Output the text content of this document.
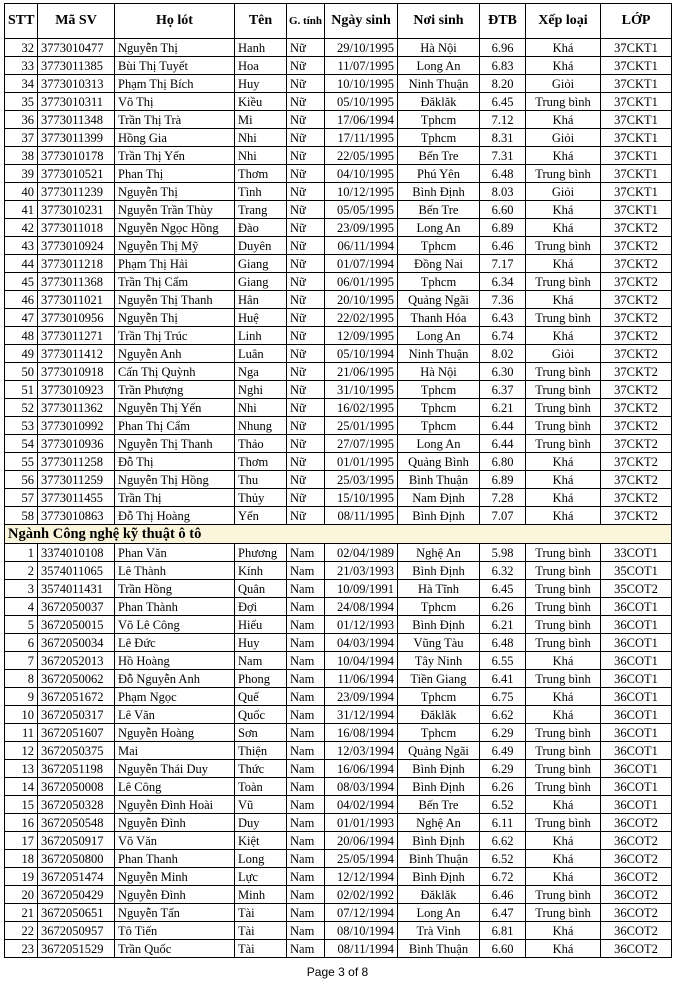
STT	Mã SV	Họ lót	Tên	G. tính	Ngày sinh	Nơi sinh	ĐTB	Xếp loại	LỚP
32	3773010477	Nguyễn Thị	Hanh	Nữ	29/10/1995	Hà Nội	6.96	Khá	37CKT1
33	3773011385	Bùi Thị Tuyết	Hoa	Nữ	11/07/1995	Long An	6.83	Khá	37CKT1
34	3773010313	Phạm Thị Bích	Huy	Nữ	10/10/1995	Ninh Thuận	8.20	Giỏi	37CKT1
35	3773010311	Võ Thị	Kiều	Nữ	05/10/1995	Đăklăk	6.45	Trung bình	37CKT1
36	3773011348	Trần Thị Trà	Mi	Nữ	17/06/1994	Tphcm	7.12	Khá	37CKT1
37	3773011399	Hồng Gia	Nhi	Nữ	17/11/1995	Tphcm	8.31	Giỏi	37CKT1
38	3773010178	Trần Thị Yến	Nhi	Nữ	22/05/1995	Bến Tre	7.31	Khá	37CKT1
39	3773010521	Phan Thị	Thơm	Nữ	04/10/1995	Phú Yên	6.48	Trung bình	37CKT1
40	3773011239	Nguyễn Thị	Tình	Nữ	10/12/1995	Bình Định	8.03	Giỏi	37CKT1
41	3773010231	Nguyễn Trần Thùy	Trang	Nữ	05/05/1995	Bến Tre	6.60	Khá	37CKT1
42	3773011018	Nguyễn Ngọc Hồng	Đào	Nữ	23/09/1995	Long An	6.89	Khá	37CKT2
43	3773010924	Nguyễn Thị Mỹ	Duyên	Nữ	06/11/1994	Tphcm	6.46	Trung bình	37CKT2
44	3773011218	Phạm Thị Hải	Giang	Nữ	01/07/1994	Đồng Nai	7.17	Khá	37CKT2
45	3773011368	Trần Thị Cẩm	Giang	Nữ	06/01/1995	Tphcm	6.34	Trung bình	37CKT2
46	3773011021	Nguyễn Thị Thanh	Hân	Nữ	20/10/1995	Quảng Ngãi	7.36	Khá	37CKT2
47	3773010956	Nguyễn Thị	Huệ	Nữ	22/02/1995	Thanh Hóa	6.43	Trung bình	37CKT2
48	3773011271	Trần Thị Trúc	Linh	Nữ	12/09/1995	Long An	6.74	Khá	37CKT2
49	3773011412	Nguyễn Anh	Luân	Nữ	05/10/1994	Ninh Thuận	8.02	Giỏi	37CKT2
50	3773010918	Cấn Thị Quỳnh	Nga	Nữ	21/06/1995	Hà Nội	6.30	Trung bình	37CKT2
51	3773010923	Trần Phượng	Nghi	Nữ	31/10/1995	Tphcm	6.37	Trung bình	37CKT2
52	3773011362	Nguyễn Thị Yến	Nhi	Nữ	16/02/1995	Tphcm	6.21	Trung bình	37CKT2
53	3773010992	Phan Thị Cẩm	Nhung	Nữ	25/01/1995	Tphcm	6.44	Trung bình	37CKT2
54	3773010936	Nguyễn Thị Thanh	Thảo	Nữ	27/07/1995	Long An	6.44	Trung bình	37CKT2
55	3773011258	Đỗ Thị	Thơm	Nữ	01/01/1995	Quảng Bình	6.80	Khá	37CKT2
56	3773011259	Nguyễn Thị Hồng	Thu	Nữ	25/03/1995	Bình Thuận	6.89	Khá	37CKT2
57	3773011455	Trần Thị	Thủy	Nữ	15/10/1995	Nam Định	7.28	Khá	37CKT2
58	3773010863	Đỗ Thị Hoàng	Yến	Nữ	08/11/1995	Bình Định	7.07	Khá	37CKT2
Ngành Công nghệ kỹ thuật ô tô									
1	3374010108	Phan Văn	Phương	Nam	02/04/1989	Nghệ An	5.98	Trung bình	33COT1
2	3574011065	Lê Thành	Kính	Nam	21/03/1993	Bình Định	6.32	Trung bình	35COT1
3	3574011431	Trần Hồng	Quân	Nam	10/09/1991	Hà Tĩnh	6.45	Trung bình	35COT2
4	3672050037	Phan Thành	Đợi	Nam	24/08/1994	Tphcm	6.26	Trung bình	36COT1
5	3672050015	Võ Lê Công	Hiếu	Nam	01/12/1993	Bình Định	6.21	Trung bình	36COT1
6	3672050034	Lê Đức	Huy	Nam	04/03/1994	Vũng Tàu	6.48	Trung bình	36COT1
7	3672052013	Hồ Hoàng	Nam	Nam	10/04/1994	Tây Ninh	6.55	Khá	36COT1
8	3672050062	Đỗ Nguyễn Anh	Phong	Nam	11/06/1994	Tiền Giang	6.41	Trung bình	36COT1
9	3672051672	Phạm Ngọc	Quế	Nam	23/09/1994	Tphcm	6.75	Khá	36COT1
10	3672050317	Lê Văn	Quốc	Nam	31/12/1994	Đăklăk	6.62	Khá	36COT1
11	3672051607	Nguyễn Hoàng	Sơn	Nam	16/08/1994	Tphcm	6.29	Trung bình	36COT1
12	3672050375	Mai	Thiện	Nam	12/03/1994	Quảng Ngãi	6.49	Trung bình	36COT1
13	3672051198	Nguyễn Thái Duy	Thức	Nam	16/06/1994	Bình Định	6.29	Trung bình	36COT1
14	3672050008	Lê Công	Toàn	Nam	08/03/1994	Bình Định	6.26	Trung bình	36COT1
15	3672050328	Nguyễn Đình Hoài	Vũ	Nam	04/02/1994	Bến Tre	6.52	Khá	36COT1
16	3672050548	Nguyễn Đình	Duy	Nam	01/01/1993	Nghệ An	6.11	Trung bình	36COT2
17	3672050917	Võ Văn	Kiệt	Nam	20/06/1994	Bình Định	6.62	Khá	36COT2
18	3672050800	Phan Thanh	Long	Nam	25/05/1994	Bình Thuận	6.52	Khá	36COT2
19	3672051474	Nguyễn Minh	Lực	Nam	12/12/1994	Bình Định	6.72	Khá	36COT2
20	3672050429	Nguyễn Đình	Minh	Nam	02/02/1992	Đăklăk	6.46	Trung bình	36COT2
21	3672050651	Nguyễn Tấn	Tài	Nam	07/12/1994	Long An	6.47	Trung bình	36COT2
22	3672050957	Tô Tiến	Tài	Nam	08/10/1994	Trà Vinh	6.81	Khá	36COT2
23	3672051529	Trần Quốc	Tài	Nam	08/11/1994	Bình Thuận	6.60	Khá	36COT2
Page 3 of 8
